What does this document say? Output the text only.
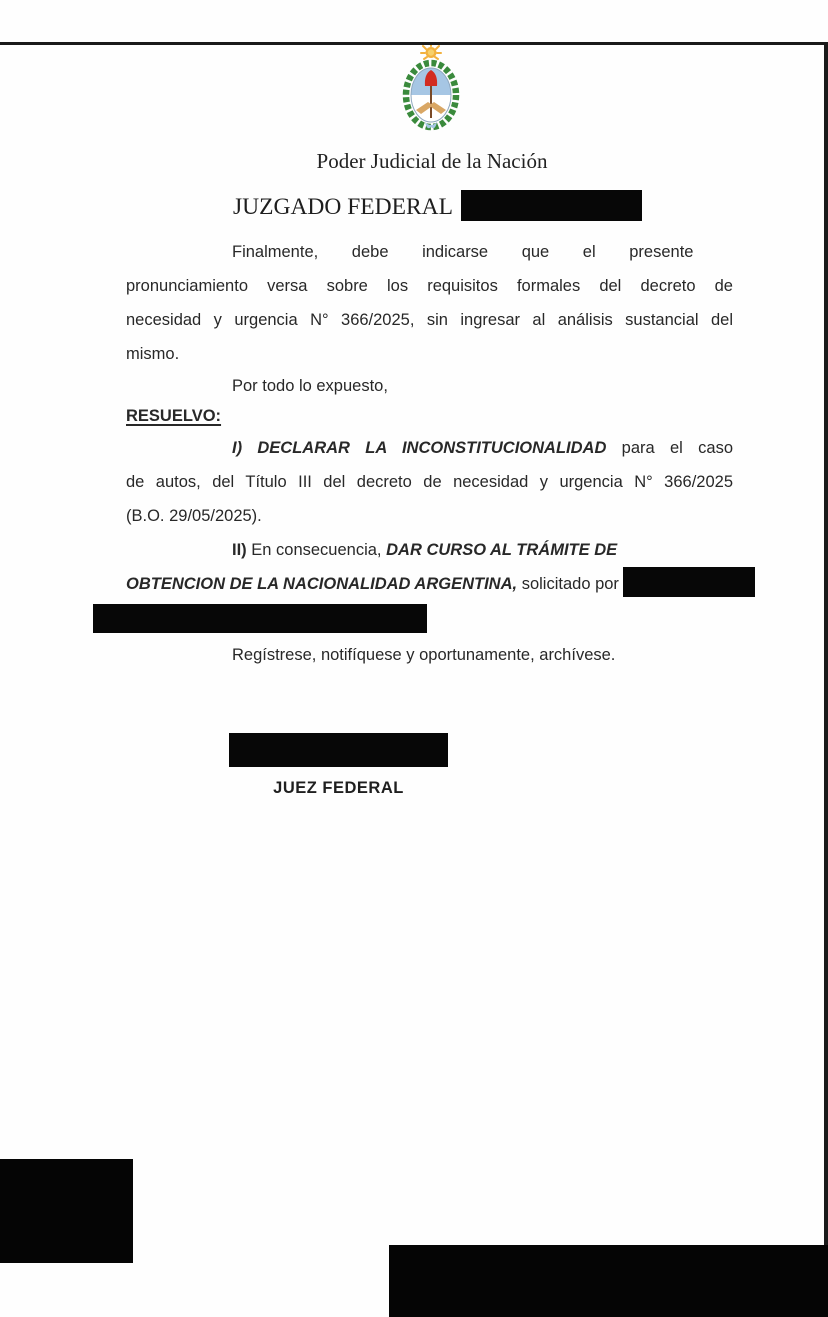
Poder Judicial de la Nación
JUZGADO FEDERAL
Finalmente, debe indicarse que el presente
pronunciamiento versa sobre los requisitos formales del decreto de
necesidad y urgencia N° 366/2025, sin ingresar al análisis sustancial del
mismo.
Por todo lo expuesto,
RESUELVO:
I) DECLARAR LA INCONSTITUCIONALIDAD para el caso
de autos, del Título III del decreto de necesidad y urgencia N° 366/2025
(B.O. 29/05/2025).
II) En consecuencia, DAR CURSO AL TRÁMITE DE
OBTENCION DE LA NACIONALIDAD ARGENTINA, solicitado por
Regístrese, notifíquese y oportunamente, archívese.
JUEZ FEDERAL
